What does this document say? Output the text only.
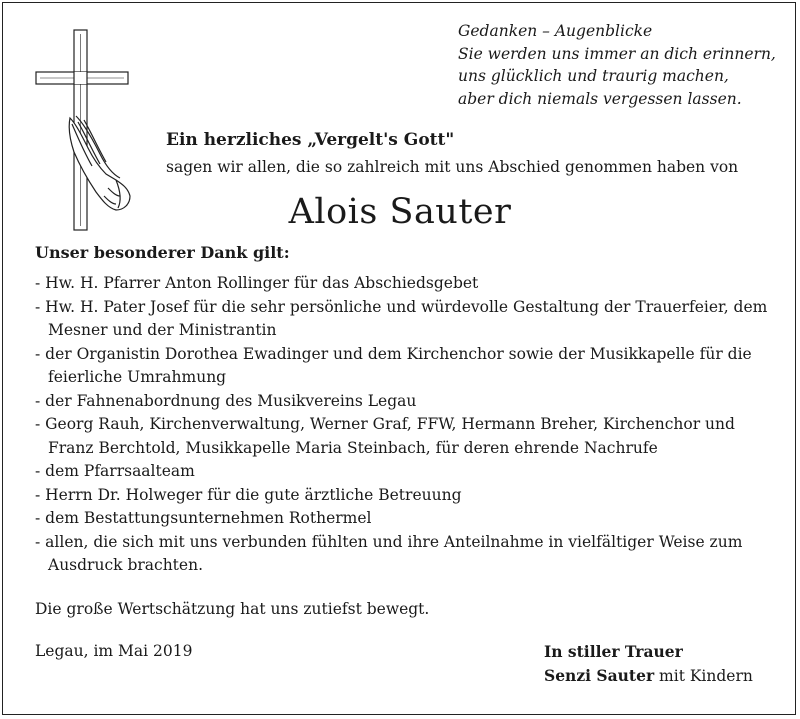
Gedanken – Augenblicke
Sie werden uns immer an dich erinnern,
uns glücklich und traurig machen,
aber dich niemals vergessen lassen.
Ein herzliches „Vergelt's Gott"
sagen wir allen, die so zahlreich mit uns Abschied genommen haben von
Alois Sauter
Unser besonderer Dank gilt:
- Hw. H. Pfarrer Anton Rollinger für das Abschiedsgebet
- Hw. H. Pater Josef für die sehr persönliche und würdevolle Gestaltung der Trauerfeier, dem Mesner und der Ministrantin
- der Organistin Dorothea Ewadinger und dem Kirchenchor sowie der Musikkapelle für die feierliche Umrahmung
- der Fahnenabordnung des Musikvereins Legau
- Georg Rauh, Kirchenverwaltung, Werner Graf, FFW, Hermann Breher, Kirchenchor und Franz Berchtold, Musikkapelle Maria Steinbach, für deren ehrende Nachrufe
- dem Pfarrsaalteam
- Herrn Dr. Holweger für die gute ärztliche Betreuung
- dem Bestattungsunternehmen Rothermel
- allen, die sich mit uns verbunden fühlten und ihre Anteilnahme in vielfältiger Weise zum Ausdruck brachten.
Die große Wertschätzung hat uns zutiefst bewegt.
Legau, im Mai 2019	In stiller Trauer
Senzi Sauter mit Kindern
